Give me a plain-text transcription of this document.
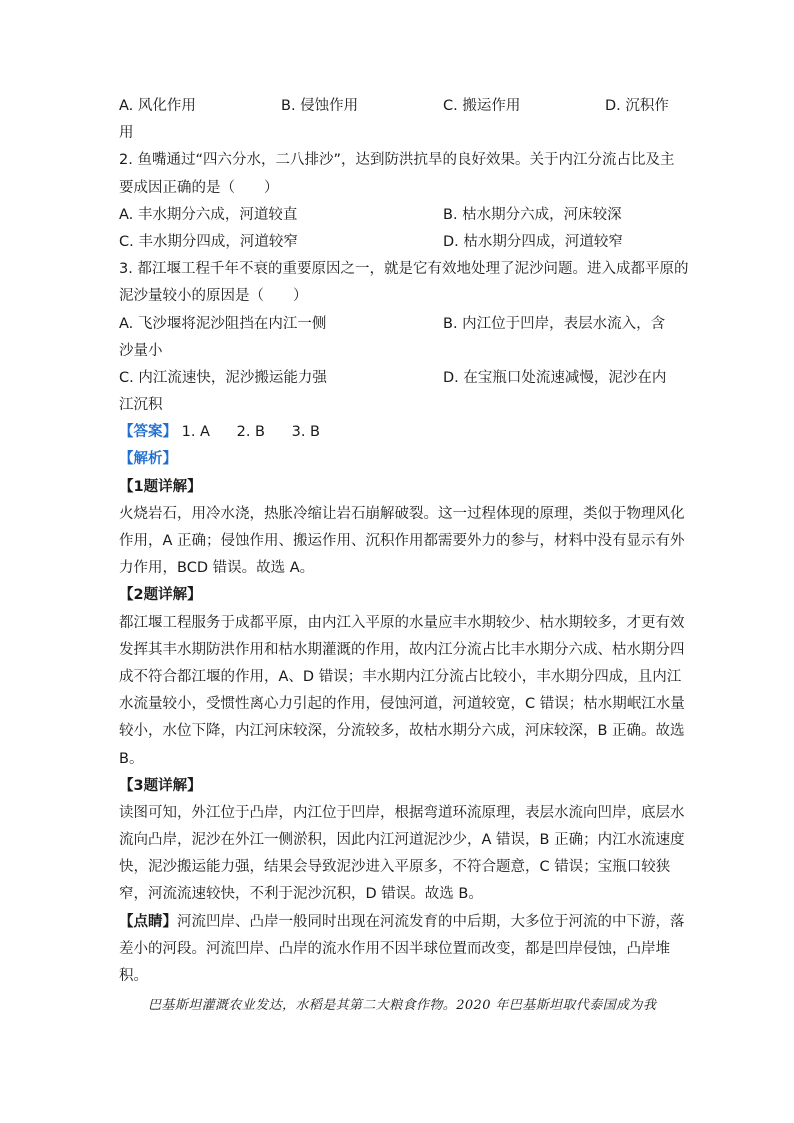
A. 风化作用	B. 侵蚀作用	C. 搬运作用	D. 沉积作
用
2. 鱼嘴通过“四六分水，二八排沙”，达到防洪抗旱的良好效果。关于内江分流占比及主
要成因正确的是（　　）
A. 丰水期分六成，河道较直	B. 枯水期分六成，河床较深
C. 丰水期分四成，河道较窄	D. 枯水期分四成，河道较窄
3. 都江堰工程千年不衰的重要原因之一，就是它有效地处理了泥沙问题。进入成都平原的
泥沙量较小的原因是（　　）
A. 飞沙堰将泥沙阻挡在内江一侧	B. 内江位于凹岸，表层水流入，含
沙量小
C. 内江流速快，泥沙搬运能力强	D. 在宝瓶口处流速减慢，泥沙在内
江沉积
【答案】 1. A 2. B 3. B
【解析】
【1题详解】
火烧岩石，用冷水浇，热胀冷缩让岩石崩解破裂。这一过程体现的原理，类似于物理风化
作用，A 正确；侵蚀作用、搬运作用、沉积作用都需要外力的参与，材料中没有显示有外
力作用，BCD 错误。故选 A。
【2题详解】
都江堰工程服务于成都平原，由内江入平原的水量应丰水期较少、枯水期较多，才更有效
发挥其丰水期防洪作用和枯水期灌溉的作用，故内江分流占比丰水期分六成、枯水期分四
成不符合都江堰的作用，A、D 错误；丰水期内江分流占比较小，丰水期分四成，且内江
水流量较小，受惯性离心力引起的作用，侵蚀河道，河道较宽，C 错误；枯水期岷江水量
较小，水位下降，内江河床较深，分流较多，故枯水期分六成，河床较深，B 正确。故选
B。
【3题详解】
读图可知，外江位于凸岸，内江位于凹岸，根据弯道环流原理，表层水流向凹岸，底层水
流向凸岸，泥沙在外江一侧淤积，因此内江河道泥沙少，A 错误，B 正确；内江水流速度
快，泥沙搬运能力强，结果会导致泥沙进入平原多，不符合题意，C 错误；宝瓶口较狭
窄，河流流速较快，不利于泥沙沉积，D 错误。故选 B。
【点睛】河流凹岸、凸岸一般同时出现在河流发育的中后期，大多位于河流的中下游，落
差小的河段。河流凹岸、凸岸的流水作用不因半球位置而改变，都是凹岸侵蚀，凸岸堆
积。
巴基斯坦灌溉农业发达，水稻是其第二大粮食作物。2020 年巴基斯坦取代泰国成为我
